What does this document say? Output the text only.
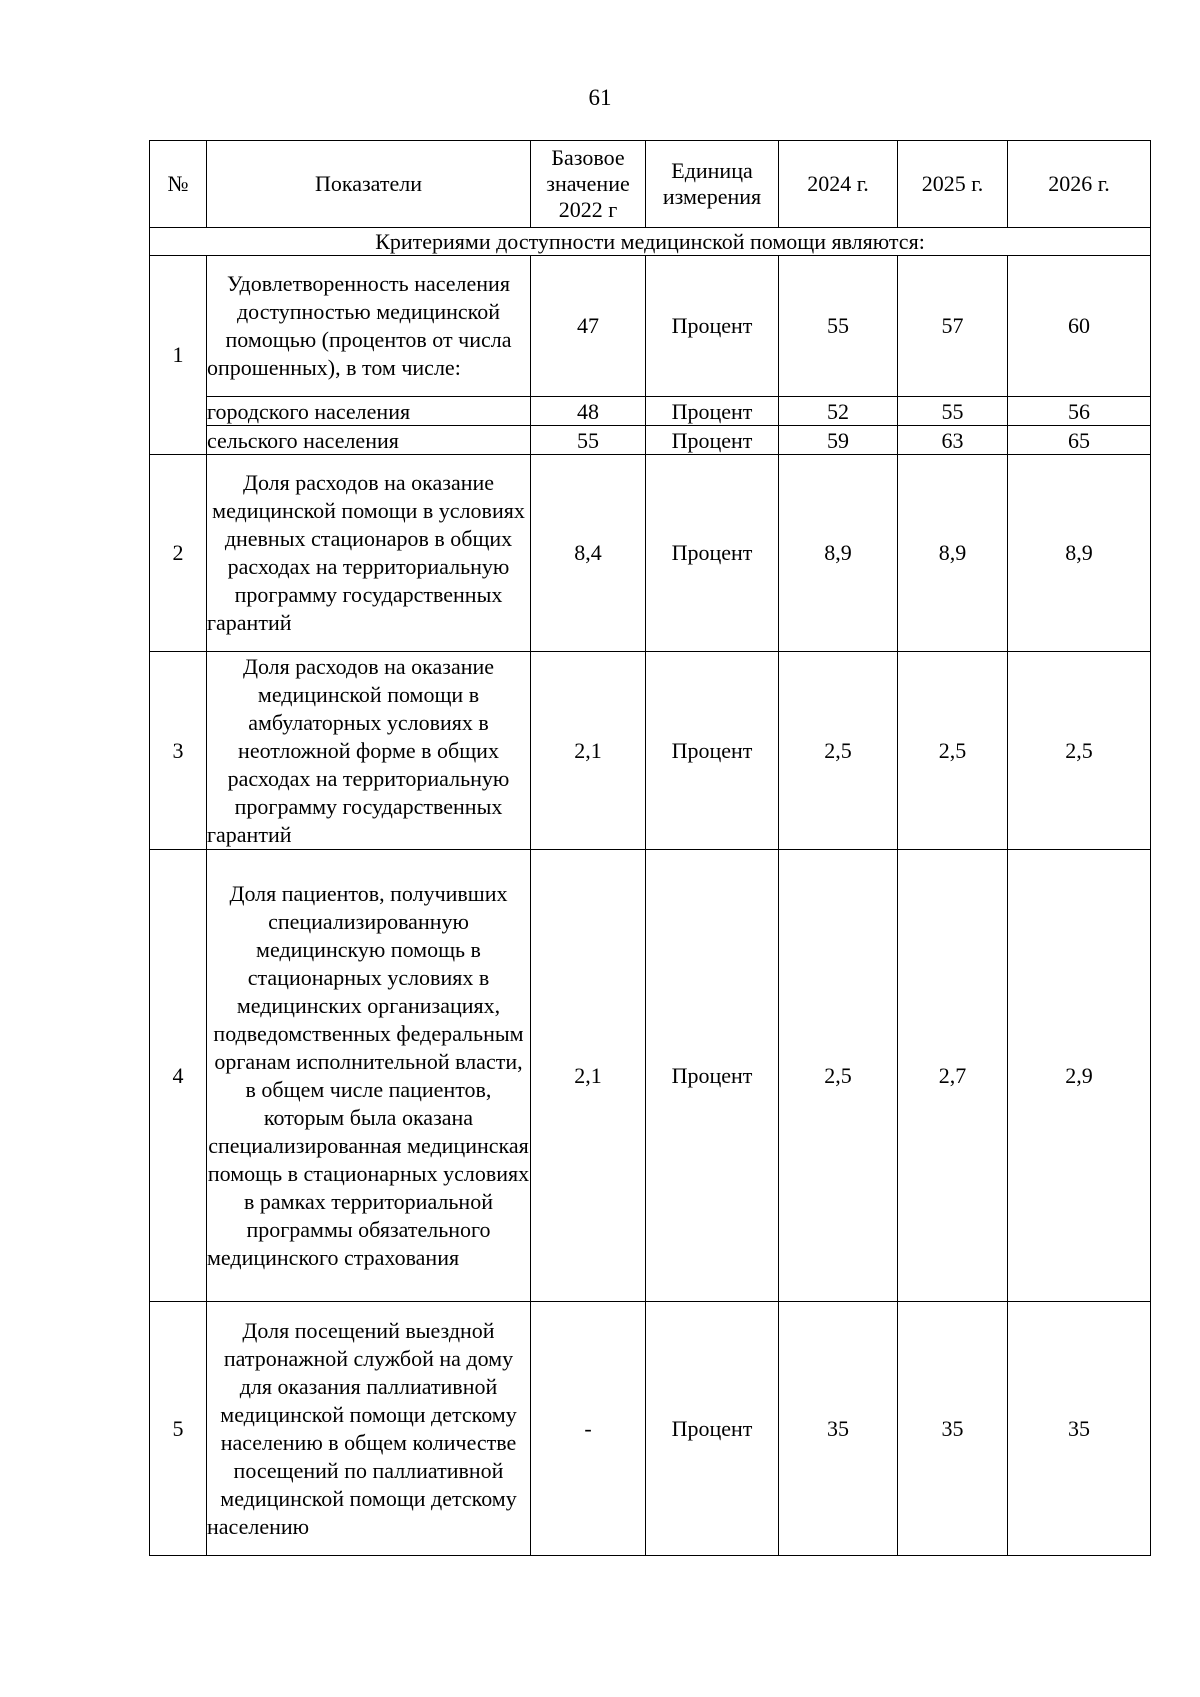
61
№	Показатели	Базовое значение 2022 г	Единица измерения	2024 г.	2025 г.	2026 г.
Критериями доступности медицинской помощи являются:						
1	Удовлетворенность населения доступностью медицинской помощью (процентов от числа опрошенных), в том числе:	47	Процент	55	57	60
	городского населения	48	Процент	52	55	56
	сельского населения	55	Процент	59	63	65
2	Доля расходов на оказание медицинской помощи в условиях дневных стационаров в общих расходах на территориальную программу государственных гарантий	8,4	Процент	8,9	8,9	8,9
3	Доля расходов на оказание медицинской помощи в амбулаторных условиях в неотложной форме в общих расходах на территориальную программу государственных гарантий	2,1	Процент	2,5	2,5	2,5
4	Доля пациентов, получивших специализированную медицинскую помощь в стационарных условиях в медицинских организациях, подведомственных федеральным органам исполнительной власти, в общем числе пациентов, которым была оказана специализированная медицинская помощь в стационарных условиях в рамках территориальной программы обязательного медицинского страхования	2,1	Процент	2,5	2,7	2,9
5	Доля посещений выездной патронажной службой на дому для оказания паллиативной медицинской помощи детскому населению в общем количестве посещений по паллиативной медицинской помощи детскому населению	-	Процент	35	35	35
